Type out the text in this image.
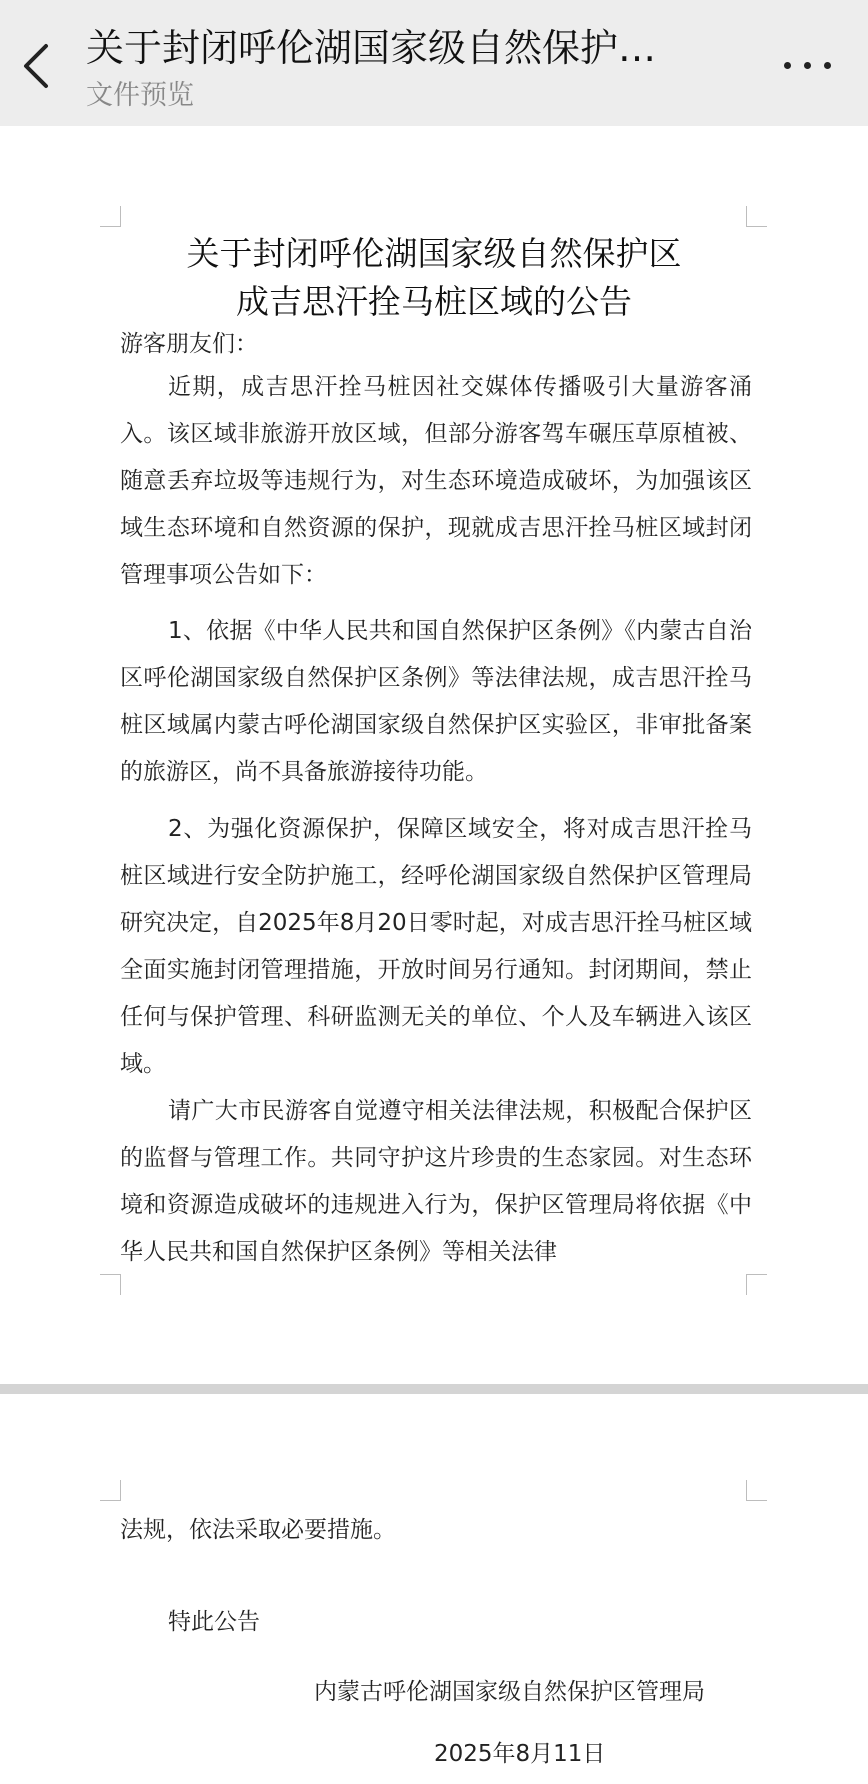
关于封闭呼伦湖国家级自然保护…
文件预览
关于封闭呼伦湖国家级自然保护区
成吉思汗拴马桩区域的公告
游客朋友们：

近期，成吉思汗拴马桩因社交媒体传播吸引大量游客涌入。该区域非旅游开放区域，但部分游客驾车碾压草原植被、随意丢弃垃圾等违规行为，对生态环境造成破坏，为加强该区域生态环境和自然资源的保护，现就成吉思汗拴马桩区域封闭管理事项公告如下：

1、依据《中华人民共和国自然保护区条例》《内蒙古自治区呼伦湖国家级自然保护区条例》等法律法规，成吉思汗拴马桩区域属内蒙古呼伦湖国家级自然保护区实验区，非审批备案的旅游区，尚不具备旅游接待功能。

2、为强化资源保护，保障区域安全，将对成吉思汗拴马桩区域进行安全防护施工，经呼伦湖国家级自然保护区管理局研究决定，自2025年8月20日零时起，对成吉思汗拴马桩区域全面实施封闭管理措施，开放时间另行通知。封闭期间，禁止任何与保护管理、科研监测无关的单位、个人及车辆进入该区域。

请广大市民游客自觉遵守相关法律法规，积极配合保护区的监督与管理工作。共同守护这片珍贵的生态家园。对生态环境和资源造成破坏的违规进入行为，保护区管理局将依据《中华人民共和国自然保护区条例》等相关法律

法规，依法采取必要措施。
特此公告
内蒙古呼伦湖国家级自然保护区管理局
2025年8月11日
